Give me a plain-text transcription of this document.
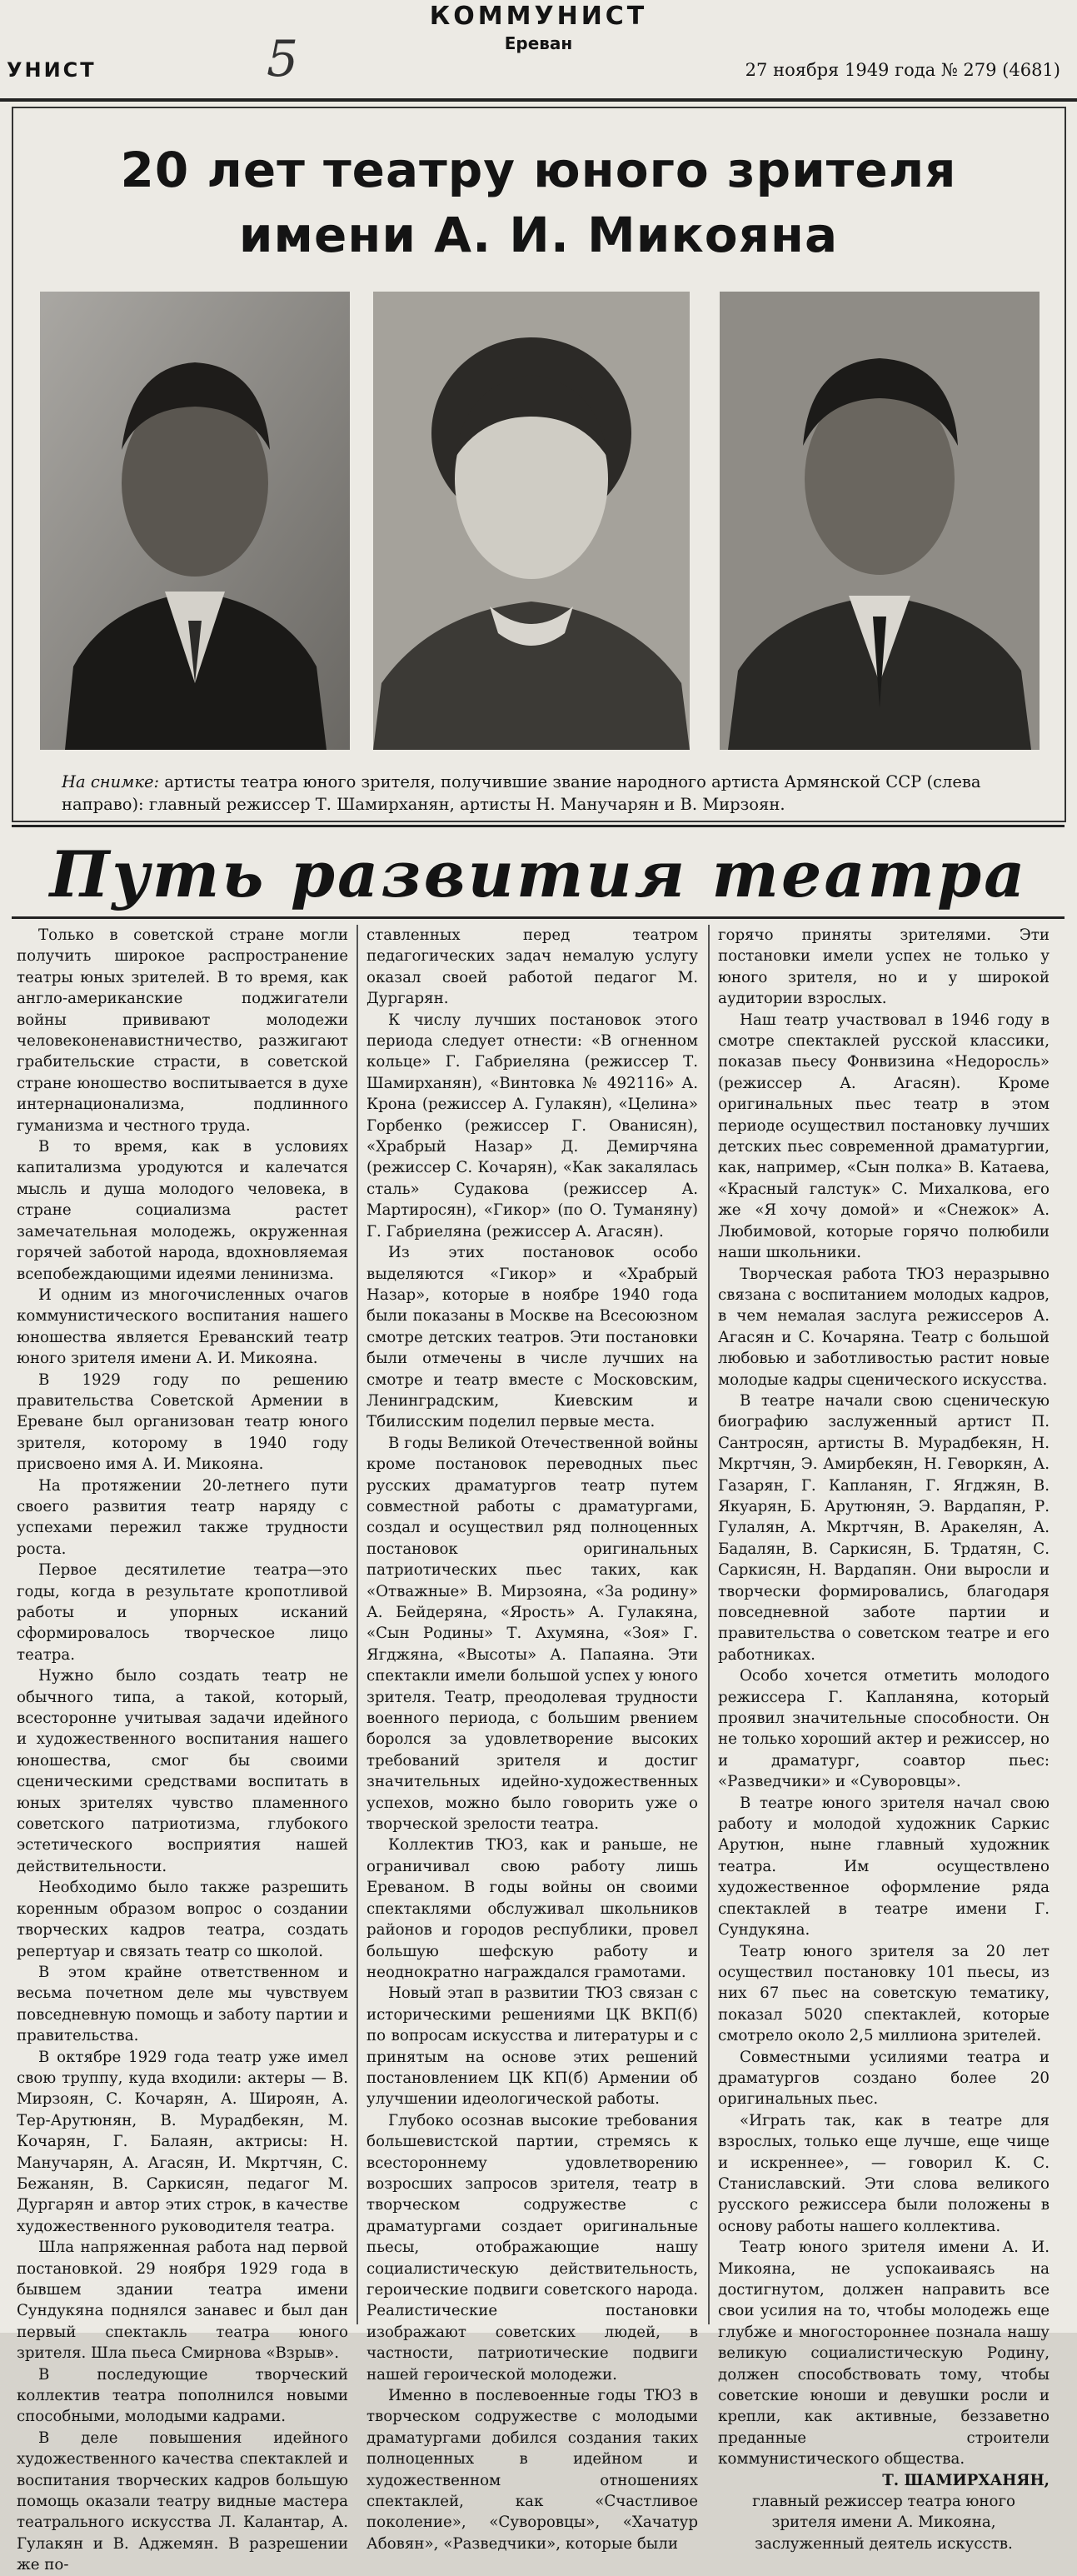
КОММУНИСТ
Ереван
5
УНИСТ	27 ноября 1949 года № 279 (4681)
20 лет театру юного зрителя
имени А. И. Микояна
На снимке: артисты театра юного зрителя, получившие звание народного артиста Армянской ССР (слева направо): главный режиссер Т. Шамирханян, артисты Н. Манучарян и В. Мирзоян.
Путь развития театра

Только в советской стране могли получить широкое распространение театры юных зрителей. В то время, как англо-американские поджигатели войны прививают молодежи человеконенавистничество, разжигают грабительские страсти, в советской стране юношество воспитывается в духе интернационализма, подлинного гуманизма и честного труда.

В то время, как в условиях капитализма уродуются и калечатся мысль и душа молодого человека, в стране социализма растет замечательная молодежь, окруженная горячей заботой народа, вдохновляемая всепобеждающими идеями ленинизма.

И одним из многочисленных очагов коммунистического воспитания нашего юношества является Ереванский театр юного зрителя имени А. И. Микояна.

В 1929 году по решению правительства Советской Армении в Ереване был организован театр юного зрителя, которому в 1940 году присвоено имя А. И. Микояна.

На протяжении 20-летнего пути своего развития театр наряду с успехами пережил также трудности роста.

Первое десятилетие театра—это годы, когда в результате кропотливой работы и упорных исканий сформировалось творческое лицо театра.

Нужно было создать театр не обычного типа, а такой, который, всесторонне учитывая задачи идейного и художественного воспитания нашего юношества, смог бы своими сценическими средствами воспитать в юных зрителях чувство пламенного советского патриотизма, глубокого эстетического восприятия нашей действительности.

Необходимо было также разрешить коренным образом вопрос о создании творческих кадров театра, создать репертуар и связать театр со школой.

В этом крайне ответственном и весьма почетном деле мы чувствуем повседневную помощь и заботу партии и правительства.

В октябре 1929 года театр уже имел свою труппу, куда входили: актеры — В. Мирзоян, С. Кочарян, А. Широян, А. Тер-Арутюнян, В. Мурадбекян, М. Кочарян, Г. Балаян, актрисы: Н. Манучарян, А. Агасян, И. Мкртчян, С. Бежанян, В. Саркисян, педагог М. Дургарян и автор этих строк, в качестве художественного руководителя театра.

Шла напряженная работа над первой постановкой. 29 ноября 1929 года в бывшем здании театра имени Сундукяна поднялся занавес и был дан первый спектакль театра юного зрителя. Шла пьеса Смирнова «Взрыв».

В последующие творческий коллектив театра пополнился новыми способными, молодыми кадрами.

В деле повышения идейного художественного качества спектаклей и воспитания творческих кадров большую помощь оказали театру видные мастера театрального искусства Л. Калантар, А. Гулакян и В. Аджемян. В разрешении же по-

ставленных перед театром педагогических задач немалую услугу оказал своей работой педагог М. Дургарян.

К числу лучших постановок этого периода следует отнести: «В огненном кольце» Г. Габриеляна (режиссер Т. Шамирханян), «Винтовка № 492116» А. Крона (режиссер А. Гулакян), «Целина» Горбенко (режиссер Г. Ованисян), «Храбрый Назар» Д. Демирчяна (режиссер С. Кочарян), «Как закалялась сталь» Судакова (режиссер А. Мартиросян), «Гикор» (по О. Туманяну) Г. Габриеляна (режиссер А. Агасян).

Из этих постановок особо выделяются «Гикор» и «Храбрый Назар», которые в ноябре 1940 года были показаны в Москве на Всесоюзном смотре детских театров. Эти постановки были отмечены в числе лучших на смотре и театр вместе с Московским, Ленинградским, Киевским и Тбилисским поделил первые места.

В годы Великой Отечественной войны кроме постановок переводных пьес русских драматургов театр путем совместной работы с драматургами, создал и осуществил ряд полноценных постановок оригинальных патриотических пьес таких, как «Отважные» В. Мирзояна, «За родину» А. Бейдеряна, «Ярость» А. Гулакяна, «Сын Родины» Т. Ахумяна, «Зоя» Г. Ягджяна, «Высоты» А. Папаяна. Эти спектакли имели большой успех у юного зрителя. Театр, преодолевая трудности военного периода, с большим рвением боролся за удовлетворение высоких требований зрителя и достиг значительных идейно-художественных успехов, можно было говорить уже о творческой зрелости театра.

Коллектив ТЮЗ, как и раньше, не ограничивал свою работу лишь Ереваном. В годы войны он своими спектаклями обслуживал школьников районов и городов республики, провел большую шефскую работу и неоднократно награждался грамотами.

Новый этап в развитии ТЮЗ связан с историческими решениями ЦК ВКП(б) по вопросам искусства и литературы и с принятым на основе этих решений постановлением ЦК КП(б) Армении об улучшении идеологической работы.

Глубоко осознав высокие требования большевистской партии, стремясь к всестороннему удовлетворению возросших запросов зрителя, театр в творческом содружестве с драматургами создает оригинальные пьесы, отображающие нашу социалистическую действительность, героические подвиги советского народа. Реалистические постановки изображают советских людей, в частности, патриотические подвиги нашей героической молодежи.

Именно в послевоенные годы ТЮЗ в творческом содружестве с молодыми драматургами добился создания таких полноценных в идейном и художественном отношениях спектаклей, как «Счастливое поколение», «Суворовцы», «Хачатур Абовян», «Разведчики», которые были

горячо приняты зрителями. Эти постановки имели успех не только у юного зрителя, но и у широкой аудитории взрослых.

Наш театр участвовал в 1946 году в смотре спектаклей русской классики, показав пьесу Фонвизина «Недоросль» (режиссер А. Агасян). Кроме оригинальных пьес театр в этом периоде осуществил постановку лучших детских пьес современной драматургии, как, например, «Сын полка» В. Катаева, «Красный галстук» С. Михалкова, его же «Я хочу домой» и «Снежок» А. Любимовой, которые горячо полюбили наши школьники.

Творческая работа ТЮЗ неразрывно связана с воспитанием молодых кадров, в чем немалая заслуга режиссеров А. Агасян и С. Кочаряна. Театр с большой любовью и заботливостью растит новые молодые кадры сценического искусства.

В театре начали свою сценическую биографию заслуженный артист П. Сантросян, артисты В. Мурадбекян, Н. Мкртчян, Э. Амирбекян, Н. Геворкян, А. Газарян, Г. Капланян, Г. Ягджян, В. Якуарян, Б. Арутюнян, Э. Вардапян, Р. Гулалян, А. Мкртчян, В. Аракелян, А. Бадалян, В. Саркисян, Б. Трдатян, С. Саркисян, Н. Вардапян. Они выросли и творчески формировались, благодаря повседневной заботе партии и правительства о советском театре и его работниках.

Особо хочется отметить молодого режиссера Г. Капланяна, который проявил значительные способности. Он не только хороший актер и режиссер, но и драматург, соавтор пьес: «Разведчики» и «Суворовцы».

В театре юного зрителя начал свою работу и молодой художник Саркис Арутюн, ныне главный художник театра. Им осуществлено художественное оформление ряда спектаклей в театре имени Г. Сундукяна.

Театр юного зрителя за 20 лет осуществил постановку 101 пьесы, из них 67 пьес на советскую тематику, показал 5020 спектаклей, которые смотрело около 2,5 миллиона зрителей.

Совместными усилиями театра и драматургов создано более 20 оригинальных пьес.

«Играть так, как в театре для взрослых, только еще лучше, еще чище и искреннее», — говорил К. С. Станиславский. Эти слова великого русского режиссера были положены в основу работы нашего коллектива.

Театр юного зрителя имени А. И. Микояна, не успокаиваясь на достигнутом, должен направить все свои усилия на то, чтобы молодежь еще глубже и многостороннее познала нашу великую социалистическую Родину, должен способствовать тому, чтобы советские юноши и девушки росли и крепли, как активные, беззаветно преданные строители коммунистического общества.

Т. ШАМИРХАНЯН,

главный режиссер театра юного зрителя имени А. Микояна, заслуженный деятель искусств.
